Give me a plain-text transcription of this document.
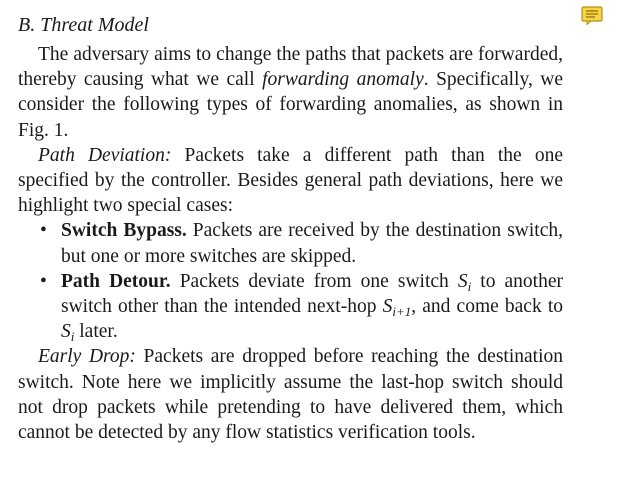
B. Threat Model

The adversary aims to change the paths that packets are forwarded, thereby causing what we call forwarding anomaly. Specifically, we consider the following types of forwarding anomalies, as shown in Fig. 1.

Path Deviation: Packets take a different path than the one specified by the controller. Besides general path deviations, here we highlight two special cases:

• Switch Bypass. Packets are received by the destination switch, but one or more switches are skipped.
• Path Detour. Packets deviate from one switch $S_i$ to another switch other than the intended next-hop $S_{i+1}$, and come back to $S_i$ later.

Early Drop: Packets are dropped before reaching the destination switch. Note here we implicitly assume the last-hop switch should not drop packets while pretending to have delivered them, which cannot be detected by any flow statistics verification tools.
